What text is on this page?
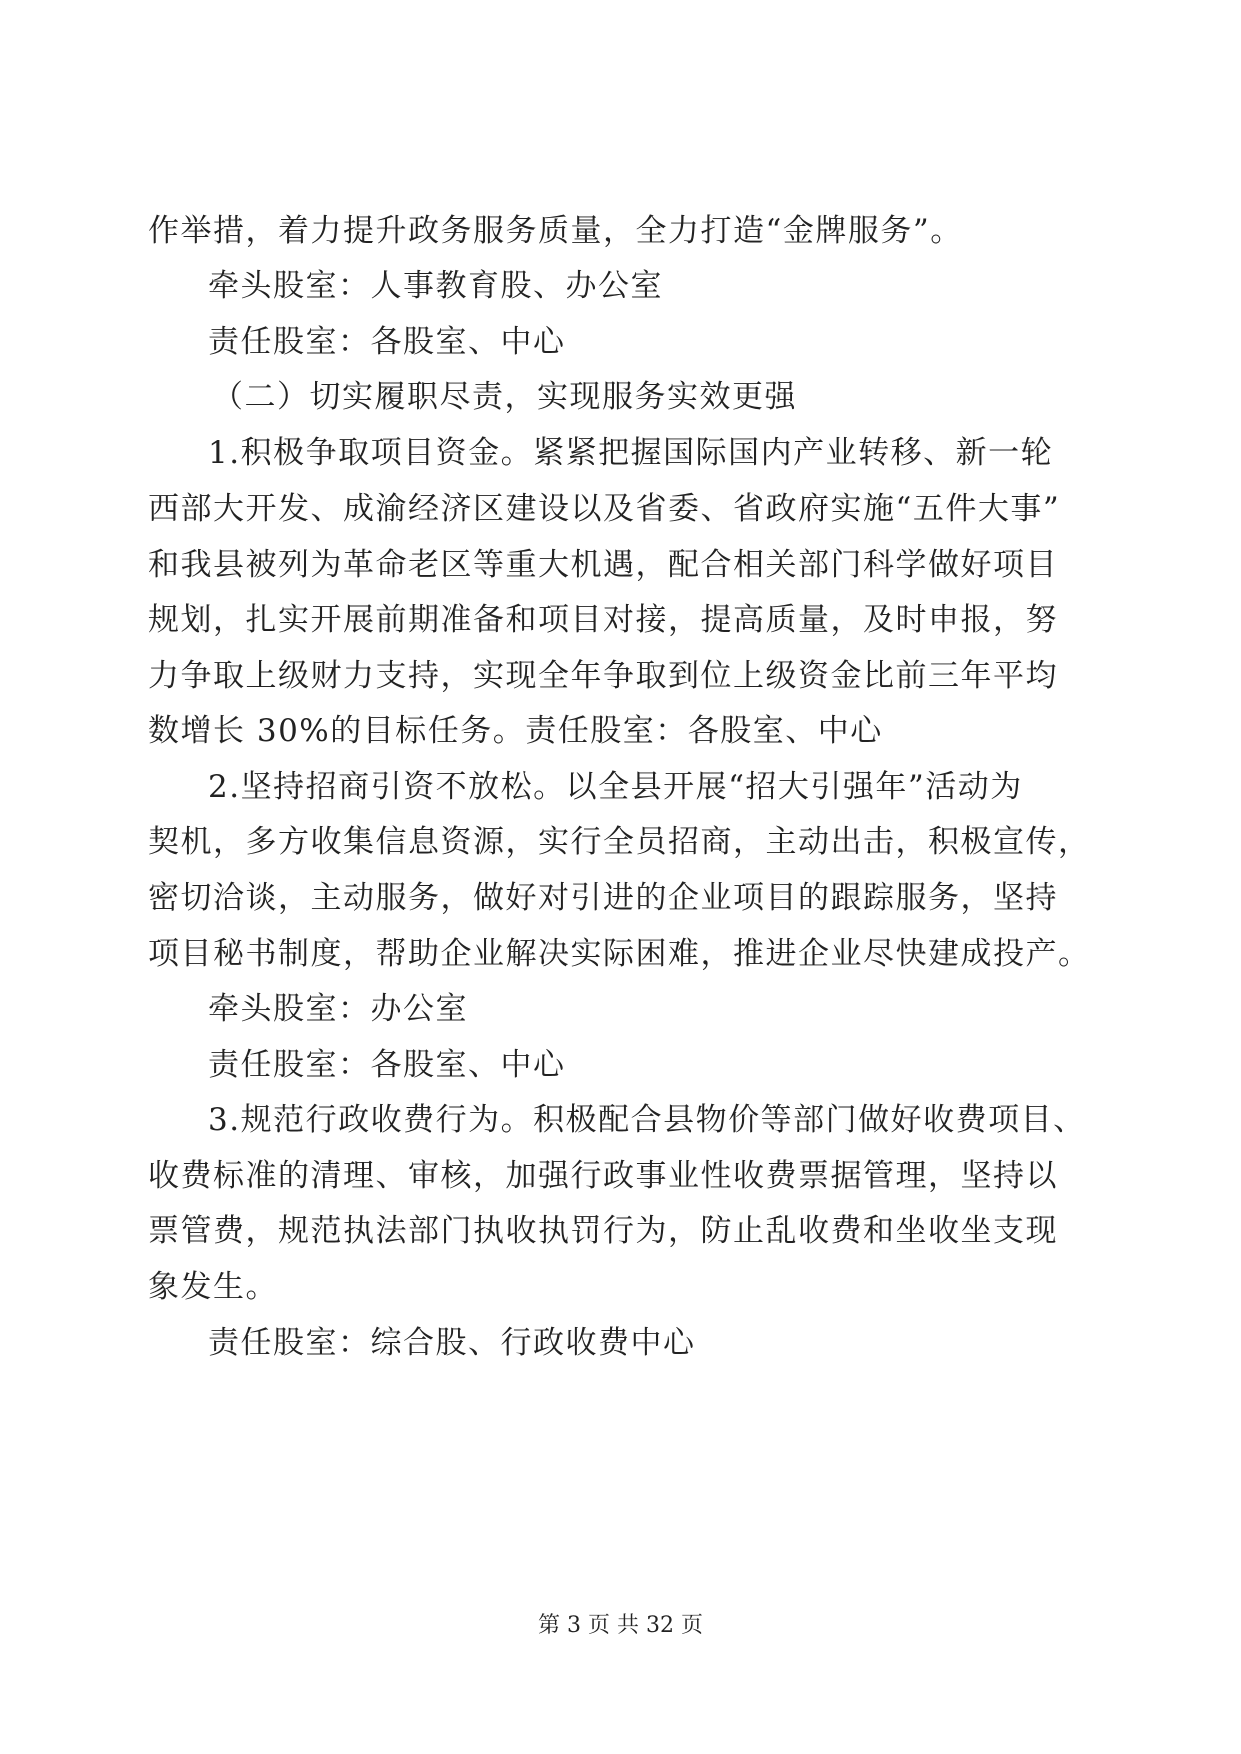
作举措，着力提升政务服务质量，全力打造“金牌服务”。
牵头股室：人事教育股、办公室
责任股室：各股室、中心
（二）切实履职尽责，实现服务实效更强
1.积极争取项目资金。紧紧把握国际国内产业转移、新一轮
西部大开发、成渝经济区建设以及省委、省政府实施“五件大事”
和我县被列为革命老区等重大机遇，配合相关部门科学做好项目
规划，扎实开展前期准备和项目对接，提高质量，及时申报，努
力争取上级财力支持，实现全年争取到位上级资金比前三年平均
数增长 30%的目标任务。责任股室：各股室、中心
2.坚持招商引资不放松。以全县开展“招大引强年”活动为
契机，多方收集信息资源，实行全员招商，主动出击，积极宣传，
密切洽谈，主动服务，做好对引进的企业项目的跟踪服务，坚持
项目秘书制度，帮助企业解决实际困难，推进企业尽快建成投产。
牵头股室：办公室
责任股室：各股室、中心
3.规范行政收费行为。积极配合县物价等部门做好收费项目、
收费标准的清理、审核，加强行政事业性收费票据管理，坚持以
票管费，规范执法部门执收执罚行为，防止乱收费和坐收坐支现
象发生。
责任股室：综合股、行政收费中心
第 3 页 共 32 页
